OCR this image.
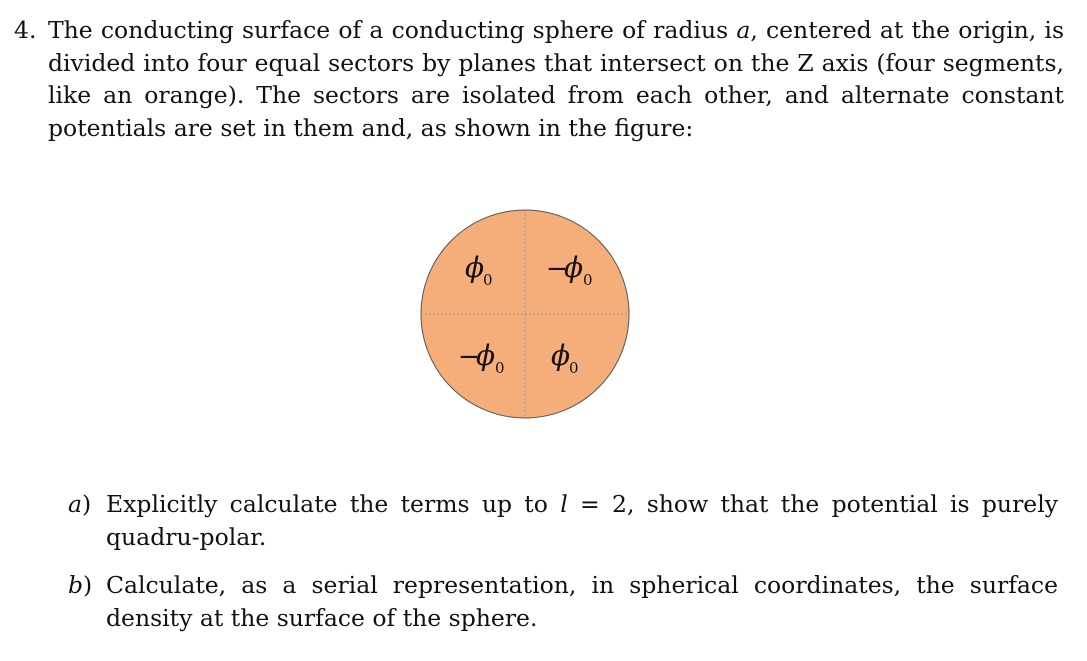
4. The conducting surface of a conducting sphere of radius a, centered at the origin, is divided into four equal sectors by planes that intersect on the Z axis (four segments, like an orange). The sectors are isolated from each other, and alternate constant potentials are set in them and, as shown in the figure:
ϕ
0 −
ϕ 0
−
ϕ 0 ϕ
0
a) Explicitly calculate the terms up to l = 2, show that the potential is purely quadru-polar.
b) Calculate, as a serial representation, in spherical coordinates, the surface density at the surface of the sphere.
